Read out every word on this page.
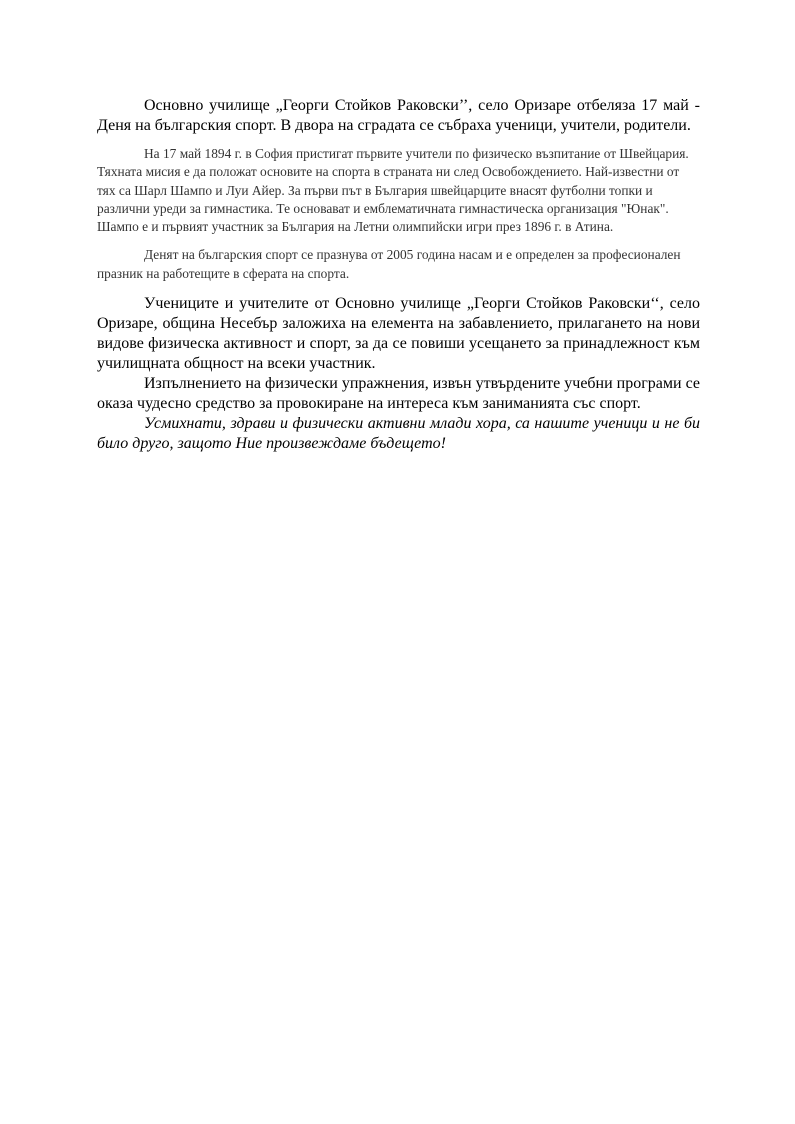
Основно училище „Георги Стойков Раковски’’, село Оризаре отбеляза 17 май - Деня на българския спорт. В двора на сградата се събраха ученици, учители, родители.

На 17 май 1894 г. в София пристигат първите учители по физическо възпитание от Швейцария. Тяхната мисия е да положат основите на спорта в страната ни след Освобождението. Най-известни от тях са Шарл Шампо и Луи Айер. За първи път в България швейцарците внасят футболни топки и различни уреди за гимнастика. Те основават и емблематичната гимнастическа организация "Юнак". Шампо е и първият участник за България на Летни олимпийски игри през 1896 г. в Атина.

Денят на българския спорт се празнува от 2005 година насам и е определен за професионален празник на работещите в сферата на спорта.

Учениците и учителите от Основно училище „Георги Стойков Раковски‘‘, село Оризаре, община Несебър заложиха на елемента на забавлението, прилагането на нови видове физическа активност и спорт, за да се повиши усещането за принадлежност към училищната общност на всеки участник.

Изпълнението на физически упражнения, извън утвърдените учебни програми се оказа чудесно средство за провокиране на интереса към заниманията със спорт.

Усмихнати, здрави и физически активни млади хора, са нашите ученици и не би било друго, защото Ние произвеждаме бъдещето!
